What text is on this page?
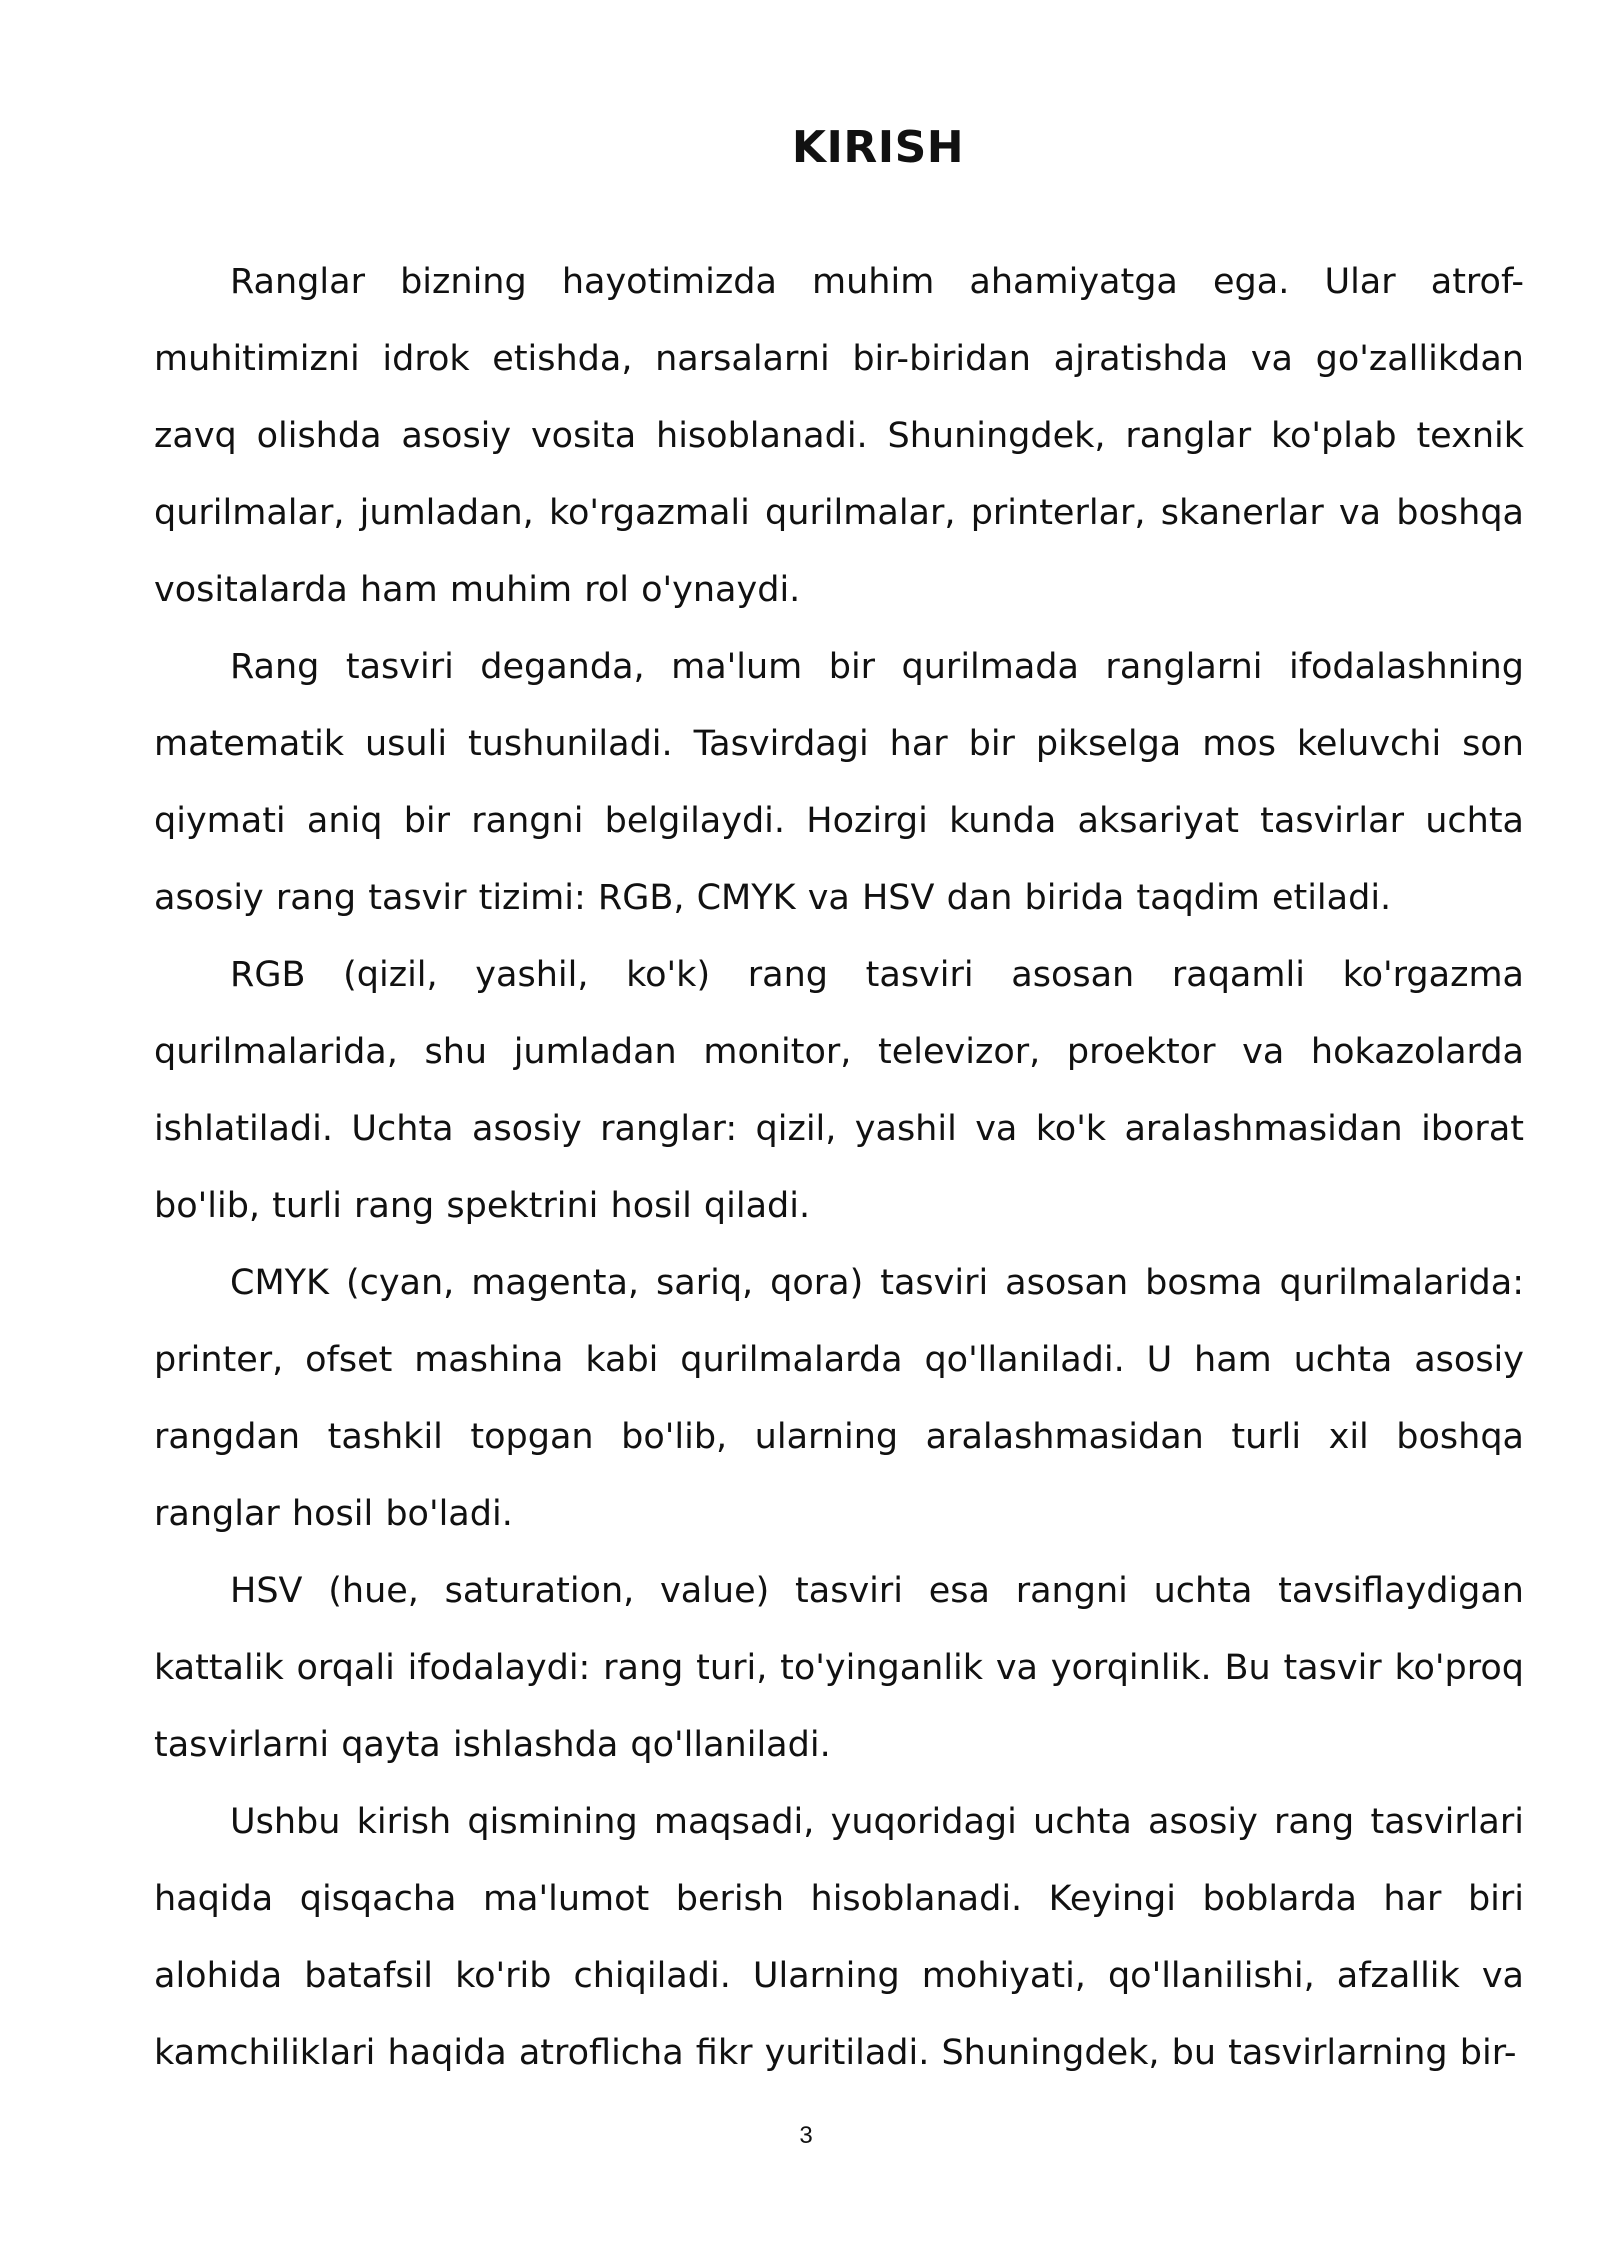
KIRISH

Ranglar bizning hayotimizda muhim ahamiyatga ega. Ular atrof-muhitimizni idrok etishda, narsalarni bir-biridan ajratishda va go'zallikdan zavq olishda asosiy vosita hisoblanadi. Shuningdek, ranglar ko'plab texnik qurilmalar, jumladan, ko'rgazmali qurilmalar, printerlar, skanerlar va boshqa vositalarda ham muhim rol o'ynaydi.

Rang tasviri deganda, ma'lum bir qurilmada ranglarni ifodalashning matematik usuli tushuniladi. Tasvirdagi har bir pikselga mos keluvchi son qiymati aniq bir rangni belgilaydi. Hozirgi kunda aksariyat tasvirlar uchta asosiy rang tasvir tizimi: RGB, CMYK va HSV dan birida taqdim etiladi.

RGB (qizil, yashil, ko'k) rang tasviri asosan raqamli ko'rgazma qurilmalarida, shu jumladan monitor, televizor, proektor va hokazolarda ishlatiladi. Uchta asosiy ranglar: qizil, yashil va ko'k aralashmasidan iborat bo'lib, turli rang spektrini hosil qiladi.

CMYK (cyan, magenta, sariq, qora) tasviri asosan bosma qurilmalarida: printer, ofset mashina kabi qurilmalarda qo'llaniladi. U ham uchta asosiy rangdan tashkil topgan bo'lib, ularning aralashmasidan turli xil boshqa ranglar hosil bo'ladi.

HSV (hue, saturation, value) tasviri esa rangni uchta tavsiflaydigan kattalik orqali ifodalaydi: rang turi, to'yinganlik va yorqinlik. Bu tasvir ko'proq tasvirlarni qayta ishlashda qo'llaniladi.

Ushbu kirish qismining maqsadi, yuqoridagi uchta asosiy rang tasvirlari haqida qisqacha ma'lumot berish hisoblanadi. Keyingi boblarda har biri alohida batafsil ko'rib chiqiladi. Ularning mohiyati, qo'llanilishi, afzallik va kamchiliklari haqida atroflicha fikr yuritiladi. Shuningdek, bu tasvirlarning bir-

3
